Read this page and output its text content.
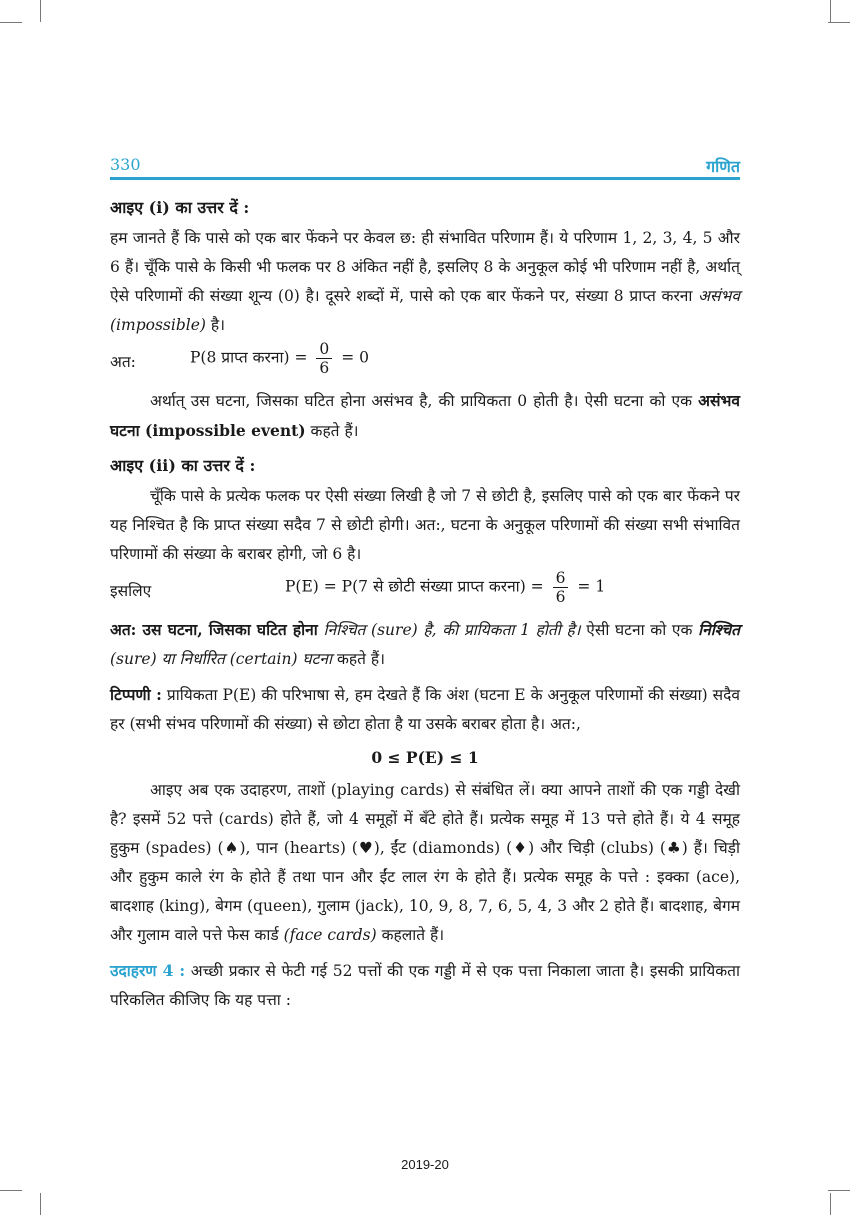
330	गणित
आइए (i) का उत्तर दें :

हम जानते हैं कि पासे को एक बार फेंकने पर केवल छ: ही संभावित परिणाम हैं। ये परिणाम 1, 2, 3, 4, 5 और 6 हैं। चूँकि पासे के किसी भी फलक पर 8 अंकित नहीं है, इसलिए 8 के अनुकूल कोई भी परिणाम नहीं है, अर्थात् ऐसे परिणामों की संख्या शून्य (0) है। दूसरे शब्दों में, पासे को एक बार फेंकने पर, संख्या 8 प्राप्त करना असंभव (impossible) है।

अत:	P(8 प्राप्त करना) = $\frac{0}{6} = 0$

अर्थात् उस घटना, जिसका घटित होना असंभव है, की प्रायिकता 0 होती है। ऐसी घटना को एक असंभव घटना (impossible event) कहते हैं।

आइए (ii) का उत्तर दें :

चूँकि पासे के प्रत्येक फलक पर ऐसी संख्या लिखी है जो 7 से छोटी है, इसलिए पासे को एक बार फेंकने पर यह निश्चित है कि प्राप्त संख्या सदैव 7 से छोटी होगी। अत:, घटना के अनुकूल परिणामों की संख्या सभी संभावित परिणामों की संख्या के बराबर होगी, जो 6 है।

इसलिए	P(E) = P(7 से छोटी संख्या प्राप्त करना) = $\frac{6}{6} = 1$

अत: उस घटना, जिसका घटित होना निश्चित (sure) है, की प्रायिकता 1 होती है। ऐसी घटना को एक निश्चित (sure) या निर्धारित (certain) घटना कहते हैं।

टिप्पणी : प्रायिकता P(E) की परिभाषा से, हम देखते हैं कि अंश (घटना E के अनुकूल परिणामों की संख्या) सदैव हर (सभी संभव परिणामों की संख्या) से छोटा होता है या उसके बराबर होता है। अत:,

0 ≤ P(E) ≤ 1

आइए अब एक उदाहरण, ताशों (playing cards) से संबंधित लें। क्या आपने ताशों की एक गड्डी देखी है? इसमें 52 पत्ते (cards) होते हैं, जो 4 समूहों में बँटे होते हैं। प्रत्येक समूह में 13 पत्ते होते हैं। ये 4 समूह हुकुम (spades) (♠), पान (hearts) (♥), ईंट (diamonds) (♦) और चिड़ी (clubs) (♣) हैं। चिड़ी और हुकुम काले रंग के होते हैं तथा पान और ईंट लाल रंग के होते हैं। प्रत्येक समूह के पत्ते : इक्का (ace), बादशाह (king), बेगम (queen), गुलाम (jack), 10, 9, 8, 7, 6, 5, 4, 3 और 2 होते हैं। बादशाह, बेगम और गुलाम वाले पत्ते फेस कार्ड (face cards) कहलाते हैं।

उदाहरण 4 : अच्छी प्रकार से फेटी गई 52 पत्तों की एक गड्डी में से एक पत्ता निकाला जाता है। इसकी प्रायिकता परिकलित कीजिए कि यह पत्ता :

2019-20
